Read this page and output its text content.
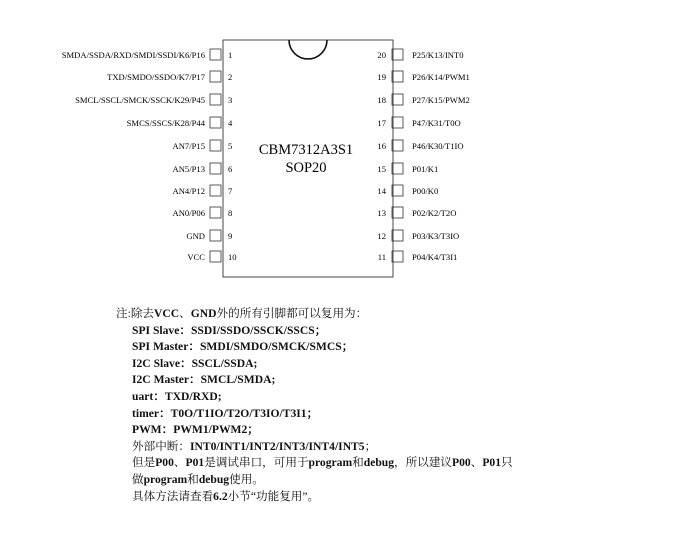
CBM7312A3S1
SOP20
SMDA/SSDA/RXD/SMDI/SSDI/K6/P16	1
TXD/SMDO/SSDO/K7/P17	2
SMCL/SSCL/SMCK/SSCK/K29/P45	3
SMCS/SSCS/K28/P44	4
AN7/P15	5
AN5/P13	6
AN4/P12	7
AN0/P06	8
GND	9
VCC	10
20	P25/K13/INT0
19	P26/K14/PWM1
18	P27/K15/PWM2
17	P47/K31/T0O
16	P46/K30/T1IO
15	P01/K1
14	P00/K0
13	P02/K2/T2O
12	P03/K3/T3IO
11	P04/K4/T3I1
注:除去VCC、GND外的所有引脚都可以复用为：
SPI Slave：SSDI/SSDO/SSCK/SSCS；
SPI Master：SMDI/SMDO/SMCK/SMCS；
I2C Slave：SSCL/SSDA;
I2C Master：SMCL/SMDA;
uart：TXD/RXD;
timer：T0O/T1IO/T2O/T3IO/T3I1；
PWM：PWM1/PWM2；
外部中断：INT0/INT1/INT2/INT3/INT4/INT5；
但是P00、P01是调试串口，可用于program和debug，所以建议P00、P01只
做program和debug使用。
具体方法请查看6.2小节“功能复用”。
